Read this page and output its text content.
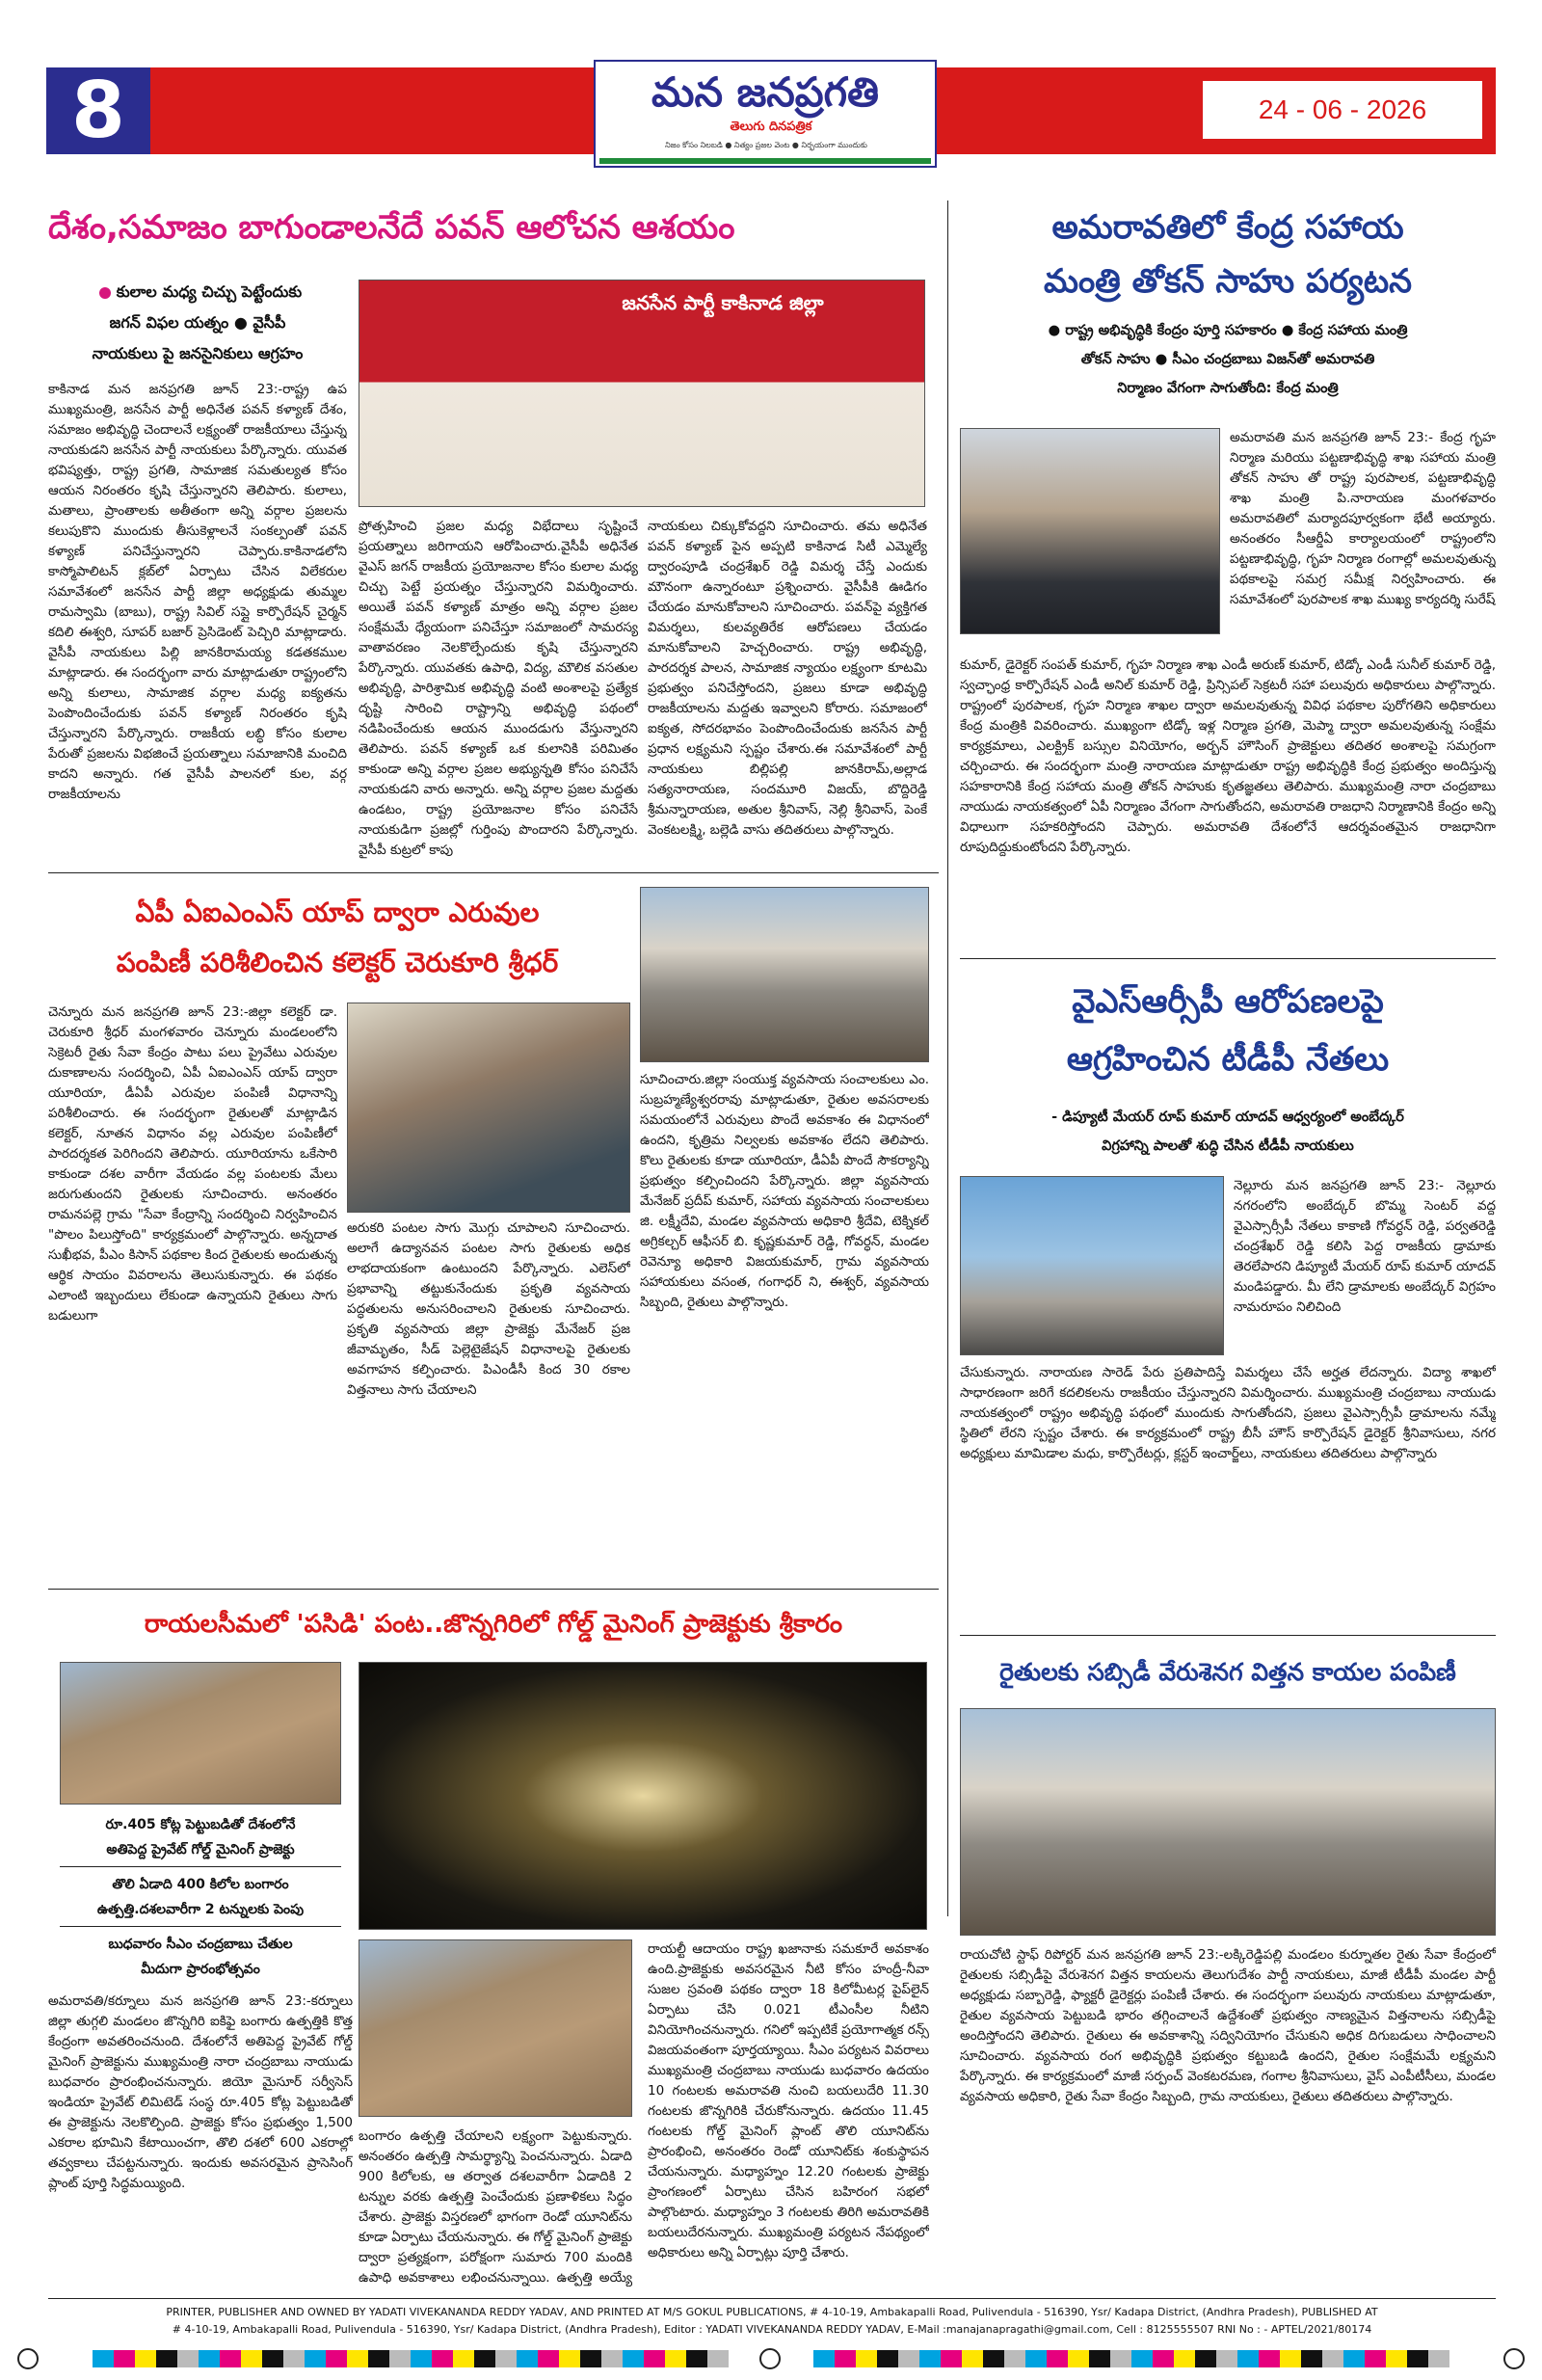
8	మన జనప్రగతి
తెలుగు దినపత్రిక
నిజం కోసం నిలబడి ● నిత్యం ప్రజల వెంట ● నిర్భయంగా ముందుకు
24 - 06 - 2026
దేశం,సమాజం బాగుండాలనేదే పవన్ ఆలోచన ఆశయం
కులాల మధ్య చిచ్చు పెట్టేందుకు
జగన్ విఫల యత్నం ● వైసీపీ
నాయకులు పై జనసైనికులు ఆగ్రహం
జనసేన పార్టీ కాకినాడ జిల్లా
కాకినాడ మన జనప్రగతి జూన్ 23:-రాష్ట్ర ఉప ముఖ్యమంత్రి, జనసేన పార్టీ అధినేత పవన్ కళ్యాణ్ దేశం, సమాజం అభివృద్ధి చెందాలనే లక్ష్యంతో రాజకీయాలు చేస్తున్న నాయకుడని జనసేన పార్టీ నాయకులు పేర్కొన్నారు. యువత భవిష్యత్తు, రాష్ట్ర ప్రగతి, సామాజిక సమతుల్యత కోసం ఆయన నిరంతరం కృషి చేస్తున్నారని తెలిపారు. కులాలు, మతాలు, ప్రాంతాలకు అతీతంగా అన్ని వర్గాల ప్రజలను కలుపుకొని ముందుకు తీసుకెళ్లాలనే సంకల్పంతో పవన్ కళ్యాణ్ పనిచేస్తున్నారని చెప్పారు.కాకినాడలోని కాస్మోపాలిటన్ క్లబ్‌లో ఏర్పాటు చేసిన విలేకరుల సమావేశంలో జనసేన పార్టీ జిల్లా అధ్యక్షుడు తుమ్మల రామస్వామి (బాబు), రాష్ట్ర సివిల్ సప్లై కార్పొరేషన్ చైర్మన్ కదిలి ఈశ్వరి, సూపర్ బజార్ ప్రెసిడెంట్ పెచ్చిరి మాట్లాడారు. వైసీపీ నాయకులు పిల్లి జానకిరామయ్య కడతకముల మాట్లాడారు. ఈ సందర్భంగా వారు మాట్లాడుతూ రాష్ట్రంలోని అన్ని కులాలు, సామాజిక వర్గాల మధ్య ఐక్యతను పెంపొందించేందుకు పవన్ కళ్యాణ్ నిరంతరం కృషి చేస్తున్నారని పేర్కొన్నారు. రాజకీయ లబ్ధి కోసం కులాల పేరుతో ప్రజలను విభజించే ప్రయత్నాలు సమాజానికి మంచిది కాదని అన్నారు. గత వైసీపీ పాలనలో కుల, వర్గ రాజకీయాలను
ప్రోత్సహించి ప్రజల మధ్య విభేదాలు సృష్టించే ప్రయత్నాలు జరిగాయని ఆరోపించారు.వైసీపీ అధినేత వైఎస్ జగన్ రాజకీయ ప్రయోజనాల కోసం కులాల మధ్య చిచ్చు పెట్టే ప్రయత్నం చేస్తున్నారని విమర్శించారు. అయితే పవన్ కళ్యాణ్ మాత్రం అన్ని వర్గాల ప్రజల సంక్షేమమే ధ్యేయంగా పనిచేస్తూ సమాజంలో సామరస్య వాతావరణం నెలకొల్పేందుకు కృషి చేస్తున్నారని పేర్కొన్నారు. యువతకు ఉపాధి, విద్య, మౌలిక వసతుల అభివృద్ధి, పారిశ్రామిక అభివృద్ధి వంటి అంశాలపై ప్రత్యేక దృష్టి సారించి రాష్ట్రాన్ని అభివృద్ధి పథంలో నడిపించేందుకు ఆయన ముందడుగు వేస్తున్నారని తెలిపారు. పవన్ కళ్యాణ్ ఒక కులానికి పరిమితం కాకుండా అన్ని వర్గాల ప్రజల అభ్యున్నతి కోసం పనిచేసే నాయకుడని వారు అన్నారు. అన్ని వర్గాల ప్రజల మద్దతు ఉండటం, రాష్ట్ర ప్రయోజనాల కోసం పనిచేసే నాయకుడిగా ప్రజల్లో గుర్తింపు పొందారని పేర్కొన్నారు. వైసీపీ కుట్రలో కాపు
నాయకులు చిక్కుకోవద్దని సూచించారు. తమ అధినేత పవన్ కళ్యాణ్ పైన అప్పటి కాకినాడ సిటీ ఎమ్మెల్యే ద్వారంపూడి చంద్రశేఖర్ రెడ్డి విమర్శ చేస్తే ఎందుకు మౌనంగా ఉన్నారంటూ ప్రశ్నించారు. వైసీపీకి ఊడిగం చేయడం మానుకోవాలని సూచించారు. పవన్‌పై వ్యక్తిగత విమర్శలు, కులవ్యతిరేక ఆరోపణలు చేయడం మానుకోవాలని హెచ్చరించారు. రాష్ట్ర అభివృద్ధి, పారదర్శక పాలన, సామాజిక న్యాయం లక్ష్యంగా కూటమి ప్రభుత్వం పనిచేస్తోందని, ప్రజలు కూడా అభివృద్ధి రాజకీయాలను మద్దతు ఇవ్వాలని కోరారు. సమాజంలో ఐక్యత, సోదరభావం పెంపొందించేందుకు జనసేన పార్టీ ప్రధాన లక్ష్యమని స్పష్టం చేశారు.ఈ సమావేశంలో పార్టీ నాయకులు బిల్లిపల్లి జానకిరామ్,అల్లాడ సత్యనారాయణ, సందమూరి విజయ్, బొద్దిరెడ్డి శ్రీమన్నారాయణ, అతుల శ్రీనివాస్, నెల్లి శ్రీనివాస్, పెంకే వెంకటలక్ష్మి, బల్లెడి వాసు తదితరులు పాల్గొన్నారు.
అమరావతిలో కేంద్ర సహాయ
మంత్రి తోకన్ సాహు పర్యటన
● రాష్ట్ర అభివృద్ధికి కేంద్రం పూర్తి సహకారం ● కేంద్ర సహాయ మంత్రి
తోకన్ సాహు ● సీఎం చంద్రబాబు విజన్‌తో అమరావతి
నిర్మాణం వేగంగా సాగుతోంది: కేంద్ర మంత్రి
అమరావతి మన జనప్రగతి జూన్ 23:- కేంద్ర గృహ నిర్మాణ మరియు పట్టణాభివృద్ధి శాఖ సహాయ మంత్రి తోకన్ సాహు తో రాష్ట్ర పురపాలక, పట్టణాభివృద్ధి శాఖ మంత్రి పి.నారాయణ మంగళవారం అమరావతిలో మర్యాదపూర్వకంగా భేటీ అయ్యారు. అనంతరం సీఆర్డీఏ కార్యాలయంలో రాష్ట్రంలోని పట్టణాభివృద్ధి, గృహ నిర్మాణ రంగాల్లో అమలవుతున్న పథకాలపై సమగ్ర సమీక్ష నిర్వహించారు. ఈ సమావేశంలో పురపాలక శాఖ ముఖ్య కార్యదర్శి సురేష్
కుమార్, డైరెక్టర్ సంపత్ కుమార్, గృహ నిర్మాణ శాఖ ఎండీ అరుణ్ కుమార్, టిడ్కో ఎండీ సునీల్ కుమార్ రెడ్డి, స్వచ్ఛాంధ్ర కార్పొరేషన్ ఎండీ అనిల్ కుమార్ రెడ్డి, ప్రిన్సిపల్ సెక్రటరీ సహా పలువురు అధికారులు పాల్గొన్నారు. రాష్ట్రంలో పురపాలక, గృహ నిర్మాణ శాఖల ద్వారా అమలవుతున్న వివిధ పథకాల పురోగతిని అధికారులు కేంద్ర మంత్రికి వివరించారు. ముఖ్యంగా టిడ్కో ఇళ్ల నిర్మాణ ప్రగతి, మెప్మా ద్వారా అమలవుతున్న సంక్షేమ కార్యక్రమాలు, ఎలక్ట్రిక్ బస్సుల వినియోగం, అర్బన్ హౌసింగ్ ప్రాజెక్టులు తదితర అంశాలపై సమగ్రంగా చర్చించారు. ఈ సందర్భంగా మంత్రి నారాయణ మాట్లాడుతూ రాష్ట్ర అభివృద్ధికి కేంద్ర ప్రభుత్వం అందిస్తున్న సహకారానికి కేంద్ర సహాయ మంత్రి తోకన్ సాహుకు కృతజ్ఞతలు తెలిపారు. ముఖ్యమంత్రి నారా చంద్రబాబు నాయుడు నాయకత్వంలో ఏపీ నిర్మాణం వేగంగా సాగుతోందని, అమరావతి రాజధాని నిర్మాణానికి కేంద్రం అన్ని విధాలుగా సహకరిస్తోందని చెప్పారు. అమరావతి దేశంలోనే ఆదర్శవంతమైన రాజధానిగా రూపుదిద్దుకుంటోందని పేర్కొన్నారు.
ఏపీ ఏఐఎంఎస్ యాప్ ద్వారా ఎరువుల
పంపిణీ పరిశీలించిన కలెక్టర్ చెరుకూరి శ్రీధర్
చెన్నూరు మన జనప్రగతి జూన్ 23:-జిల్లా కలెక్టర్ డా. చెరుకూరి శ్రీధర్ మంగళవారం చెన్నూరు మండలంలోని సెక్రెటరీ రైతు సేవా కేంద్రం పాటు పలు ప్రైవేటు ఎరువుల దుకాణాలను సందర్శించి, ఏపీ ఏఐఎంఎస్ యాప్ ద్వారా యూరియా, డీఏపీ ఎరువుల పంపిణీ విధానాన్ని పరిశీలించారు. ఈ సందర్భంగా రైతులతో మాట్లాడిన కలెక్టర్, నూతన విధానం వల్ల ఎరువుల పంపిణీలో పారదర్శకత పెరిగిందని తెలిపారు. యూరియాను ఒకేసారి కాకుండా దశల వారీగా వేయడం వల్ల పంటలకు మేలు జరుగుతుందని రైతులకు సూచించారు. అనంతరం రామనపల్లె గ్రామ "సేవా కేంద్రాన్ని సందర్శించి నిర్వహించిన "పొలం పిలుస్తోంది" కార్యక్రమంలో పాల్గొన్నారు. అన్నదాత సుఖీభవ, పీఎం కిసాన్ పథకాల కింద రైతులకు అందుతున్న ఆర్థిక సాయం వివరాలను తెలుసుకున్నారు. ఈ పథకం ఎలాంటి ఇబ్బందులు లేకుండా ఉన్నాయని రైతులు సాగు బడులుగా
సూచించారు.జిల్లా సంయుక్త వ్యవసాయ సంచాలకులు ఎం. సుబ్రహ్మణ్యేశ్వరరావు మాట్లాడుతూ, రైతుల అవసరాలకు సమయంలోనే ఎరువులు పొందే అవకాశం ఈ విధానంలో ఉందని, కృత్రిమ నిల్వలకు అవకాశం లేదని తెలిపారు. కొలు రైతులకు కూడా యూరియా, డీఏపీ పొందే సౌకర్యాన్ని ప్రభుత్వం కల్పించిందని పేర్కొన్నారు. జిల్లా వ్యవసాయ మేనేజర్ ప్రదీప్ కుమార్, సహాయ వ్యవసాయ సంచాలకులు జి. లక్ష్మీదేవి, మండల వ్యవసాయ అధికారి శ్రీదేవి, టెక్నికల్ అగ్రికల్చర్ ఆఫీసర్ బి. కృష్ణకుమార్ రెడ్డి, గోవర్ధన్, మండల రెవెన్యూ అధికారి విజయకుమార్, గ్రామ వ్యవసాయ సహాయకులు వసంత, గంగాధర్ ని, ఈశ్వర్, వ్యవసాయ సిబ్బంది, రైతులు పాల్గొన్నారు.
అరుకరి పంటల సాగు మొగ్గు చూపాలని సూచించారు. అలాగే ఉద్యానవన పంటల సాగు రైతులకు అధిక లాభదాయకంగా ఉంటుందని పేర్కొన్నారు. ఎలెస్‌లో ప్రభావాన్ని తట్టుకునేందుకు ప్రకృతి వ్యవసాయ పద్ధతులను అనుసరించాలని రైతులకు సూచించారు. ప్రకృతి వ్యవసాయ జిల్లా ప్రాజెక్టు మేనేజర్ ప్రజ జీవామృతం, సీడ్ పెల్లెటైజేషన్ విధానాలపై రైతులకు అవగాహన కల్పించారు. పిఎండీసీ కింద 30 రకాల విత్తనాలు సాగు చేయాలని
వైఎస్ఆర్సీపీ ఆరోపణలపై
ఆగ్రహించిన టీడీపీ నేతలు
- డిప్యూటీ మేయర్ రూప్ కుమార్ యాదవ్ ఆధ్వర్యంలో అంబేద్కర్
విగ్రహాన్ని పాలతో శుద్ధి చేసిన టీడీపీ నాయకులు
నెల్లూరు మన జనప్రగతి జూన్ 23:- నెల్లూరు నగరంలోని అంబేద్కర్ బొమ్మ సెంటర్ వద్ద వైఎస్సార్సీపీ నేతలు కాకాణి గోవర్ధన్ రెడ్డి, పర్వతరెడ్డి చంద్రశేఖర్ రెడ్డి కలిసి పెద్ద రాజకీయ డ్రామాకు తెరలేపారని డిప్యూటీ మేయర్ రూప్ కుమార్ యాదవ్ మండిపడ్డారు. మీ లేని డ్రామాలకు అంబేద్కర్ విగ్రహం నామరూపం నిలిచింది
చేసుకున్నారు. నారాయణ సారెడ్ పేరు ప్రతిపాదిస్తే విమర్శలు చేసే అర్హత లేదన్నారు. విద్యా శాఖలో సాధారణంగా జరిగే కదలికలను రాజకీయం చేస్తున్నారని విమర్శించారు. ముఖ్యమంత్రి చంద్రబాబు నాయుడు నాయకత్వంలో రాష్ట్రం అభివృద్ధి పథంలో ముందుకు సాగుతోందని, ప్రజలు వైఎస్సార్సీపీ డ్రామాలను నమ్మే స్థితిలో లేరని స్పష్టం చేశారు. ఈ కార్యక్రమంలో రాష్ట్ర బీసీ హౌస్ కార్పొరేషన్ డైరెక్టర్ శ్రీనివాసులు, నగర అధ్యక్షులు మామిడాల మధు, కార్పొరేటర్లు, క్లస్టర్ ఇంచార్జ్‌లు, నాయకులు తదితరులు పాల్గొన్నారు
రాయలసీమలో 'పసిడి' పంట..జొన్నగిరిలో గోల్డ్ మైనింగ్ ప్రాజెక్టుకు శ్రీకారం
రూ.405 కోట్ల పెట్టుబడితో దేశంలోనే
అతిపెద్ద ప్రైవేట్ గోల్డ్ మైనింగ్ ప్రాజెక్టు
తొలి ఏడాది 400 కిలోల బంగారం
ఉత్పత్తి.దశలవారీగా 2 టన్నులకు పెంపు
బుధవారం సీఎం చంద్రబాబు చేతుల
మీదుగా ప్రారంభోత్సవం
అమరావతి/కర్నూలు మన జనప్రగతి జూన్ 23:-కర్నూలు జిల్లా తుగ్గలి మండలం జొన్నగిరి ఐకిఫై బంగారు ఉత్పత్తికి కొత్త కేంద్రంగా అవతరించనుంది. దేశంలోనే అతిపెద్ద ప్రైవేట్ గోల్డ్ మైనింగ్ ప్రాజెక్టును ముఖ్యమంత్రి నారా చంద్రబాబు నాయుడు బుధవారం ప్రారంభించనున్నారు. జియో మైసూర్ సర్వీసెస్ ఇండియా ప్రైవేట్ లిమిటెడ్ సంస్థ రూ.405 కోట్ల పెట్టుబడితో ఈ ప్రాజెక్టును నెలకొల్పింది. ప్రాజెక్టు కోసం ప్రభుత్వం 1,500 ఎకరాల భూమిని కేటాయించగా, తొలి దశలో 600 ఎకరాల్లో తవ్వకాలు చేపట్టనున్నారు. ఇందుకు అవసరమైన ప్రాసెసింగ్ ప్లాంట్ పూర్తి సిద్ధమయ్యింది.
బంగారం ఉత్పత్తి చేయాలని లక్ష్యంగా పెట్టుకున్నారు. అనంతరం ఉత్పత్తి సామర్థ్యాన్ని పెంచనున్నారు. ఏడాది 900 కిలోలకు, ఆ తర్వాత దశలవారీగా ఏడాదికి 2 టన్నుల వరకు ఉత్పత్తి పెంచేందుకు ప్రణాళికలు సిద్ధం చేశారు. ప్రాజెక్టు విస్తరణలో భాగంగా రెండో యూనిట్‌ను కూడా ఏర్పాటు చేయనున్నారు. ఈ గోల్డ్ మైనింగ్ ప్రాజెక్టు ద్వారా ప్రత్యక్షంగా, పరోక్షంగా సుమారు 700 మందికి ఉపాధి అవకాశాలు లభించనున్నాయి. ఉత్పత్తి అయ్యే
రాయల్టీ ఆదాయం రాష్ట్ర ఖజానాకు సమకూరే అవకాశం ఉంది.ప్రాజెక్టుకు అవసరమైన నీటి కోసం హంద్రీ-నీవా సుజల స్రవంతి పథకం ద్వారా 18 కిలోమీటర్ల పైప్‌లైన్ ఏర్పాటు చేసి 0.021 టీఎంసీల నీటిని వినియోగించనున్నారు. గనిలో ఇప్పటికే ప్రయోగాత్మక రన్స్ విజయవంతంగా పూర్తయ్యాయి. సీఎం పర్యటన వివరాలు ముఖ్యమంత్రి చంద్రబాబు నాయుడు బుధవారం ఉదయం 10 గంటలకు అమరావతి నుంచి బయలుదేరి 11.30 గంటలకు జొన్నగిరికి చేరుకోనున్నారు. ఉదయం 11.45 గంటలకు గోల్డ్ మైనింగ్ ప్లాంట్ తొలి యూనిట్‌ను ప్రారంభించి, అనంతరం రెండో యూనిట్‌కు శంకుస్థాపన చేయనున్నారు. మధ్యాహ్నం 12.20 గంటలకు ప్రాజెక్టు ప్రాంగణంలో ఏర్పాటు చేసిన బహిరంగ సభలో పాల్గొంటారు. మధ్యాహ్నం 3 గంటలకు తిరిగి అమరావతికి బయలుదేరనున్నారు. ముఖ్యమంత్రి పర్యటన నేపథ్యంలో అధికారులు అన్ని ఏర్పాట్లు పూర్తి చేశారు.
రైతులకు సబ్సిడీ వేరుశెనగ విత్తన కాయల పంపిణీ
రాయచోటి స్టాఫ్ రిపోర్టర్ మన జనప్రగతి జూన్ 23:-లక్కిరెడ్డిపల్లి మండలం కుర్నూతల రైతు సేవా కేంద్రంలో రైతులకు సబ్సిడీపై వేరుశెనగ విత్తన కాయలను తెలుగుదేశం పార్టీ నాయకులు, మాజీ టీడీపీ మండల పార్టీ అధ్యక్షుడు సబ్బారెడ్డి, ఫ్యాక్టరీ డైరెక్టర్లు పంపిణీ చేశారు. ఈ సందర్భంగా పలువురు నాయకులు మాట్లాడుతూ, రైతుల వ్యవసాయ పెట్టుబడి భారం తగ్గించాలనే ఉద్దేశంతో ప్రభుత్వం నాణ్యమైన విత్తనాలను సబ్సిడీపై అందిస్తోందని తెలిపారు. రైతులు ఈ అవకాశాన్ని సద్వినియోగం చేసుకుని అధిక దిగుబడులు సాధించాలని సూచించారు. వ్యవసాయ రంగ అభివృద్ధికి ప్రభుత్వం కట్టుబడి ఉందని, రైతుల సంక్షేమమే లక్ష్యమని పేర్కొన్నారు. ఈ కార్యక్రమంలో మాజీ సర్పంచ్ వెంకటరమణ, గంగాల శ్రీనివాసులు, వైస్ ఎంపీటీసీలు, మండల వ్యవసాయ అధికారి, రైతు సేవా కేంద్రం సిబ్బంది, గ్రామ నాయకులు, రైతులు తదితరులు పాల్గొన్నారు.
PRINTER, PUBLISHER AND OWNED BY YADATI VIVEKANANDA REDDY YADAV, AND PRINTED AT M/S GOKUL PUBLICATIONS, # 4-10-19, Ambakapalli Road, Pulivendula - 516390, Ysr/ Kadapa District, (Andhra Pradesh), PUBLISHED AT
# 4-10-19, Ambakapalli Road, Pulivendula - 516390, Ysr/ Kadapa District, (Andhra Pradesh), Editor : YADATI VIVEKANANDA REDDY YADAV, E-Mail :manajanapragathi@gmail.com, Cell : 8125555507 RNI No : - APTEL/2021/80174
